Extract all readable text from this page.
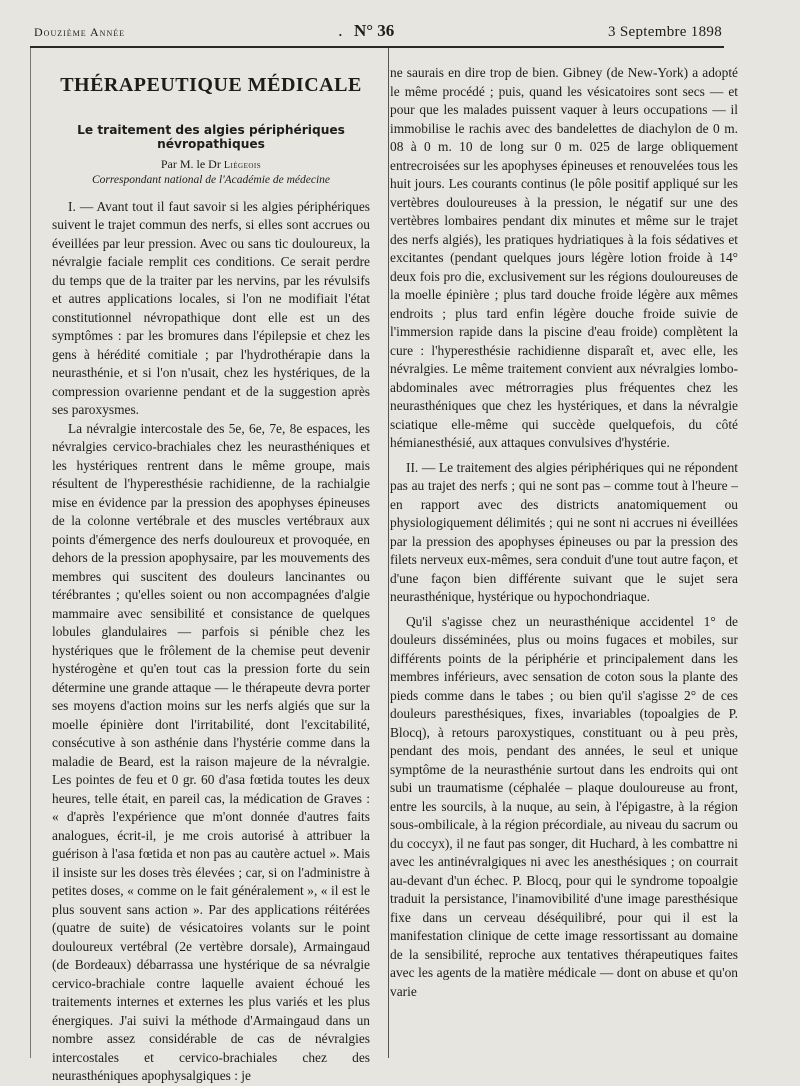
Douzième Année	. N° 36	3 Septembre 1898
THÉRAPEUTIQUE MÉDICALE
Le traitement des algies périphériques névropathiques

Par M. le Dr Liégeois

Correspondant national de l'Académie de médecine

I. — Avant tout il faut savoir si les algies périphériques suivent le trajet commun des nerfs, si elles sont accrues ou éveillées par leur pression. Avec ou sans tic douloureux, la névralgie faciale remplit ces conditions. Ce serait perdre du temps que de la traiter par les nervins, par les révulsifs et autres applications locales, si l'on ne modifiait l'état constitutionnel névropathique dont elle est un des symptômes : par les bromures dans l'épilepsie et chez les gens à hérédité comitiale ; par l'hydrothérapie dans la neurasthénie, et si l'on n'usait, chez les hystériques, de la compression ovarienne pendant et de la suggestion après ses paroxysmes.

La névralgie intercostale des 5e, 6e, 7e, 8e espaces, les névralgies cervico-brachiales chez les neurasthéniques et les hystériques rentrent dans le même groupe, mais résultent de l'hyperesthésie rachidienne, de la rachialgie mise en évidence par la pression des apophyses épineuses de la colonne vertébrale et des muscles vertébraux aux points d'émergence des nerfs douloureux et provoquée, en dehors de la pression apophysaire, par les mouvements des membres qui suscitent des douleurs lancinantes ou térébrantes ; qu'elles soient ou non accompagnées d'algie mammaire avec sensibilité et consistance de quelques lobules glandulaires — parfois si pénible chez les hystériques que le frôlement de la chemise peut devenir hystérogène et qu'en tout cas la pression forte du sein détermine une grande attaque — le thérapeute devra porter ses moyens d'action moins sur les nerfs algiés que sur la moelle épinière dont l'irritabilité, dont l'excitabilité, consécutive à son asthénie dans l'hystérie comme dans la maladie de Beard, est la raison majeure de la névralgie. Les pointes de feu et 0 gr. 60 d'asa fœtida toutes les deux heures, telle était, en pareil cas, la médication de Graves : « d'après l'expérience que m'ont donnée d'autres faits analogues, écrit-il, je me crois autorisé à attribuer la guérison à l'asa fœtida et non pas au cautère actuel ». Mais il insiste sur les doses très élevées ; car, si on l'administre à petites doses, « comme on le fait généralement », « il est le plus souvent sans action ». Par des applications réitérées (quatre de suite) de vésicatoires volants sur le point douloureux vertébral (2e vertèbre dorsale), Armaingaud (de Bordeaux) débarrassa une hystérique de sa névralgie cervico-brachiale contre laquelle avaient échoué les traitements internes et externes les plus variés et les plus énergiques. J'ai suivi la méthode d'Armaingaud dans un nombre assez considérable de cas de névralgies intercostales et cervico-brachiales chez des neurasthéniques apophysalgiques : je

ne saurais en dire trop de bien. Gibney (de New-York) a adopté le même procédé ; puis, quand les vésicatoires sont secs — et pour que les malades puissent vaquer à leurs occupations — il immobilise le rachis avec des bandelettes de diachylon de 0 m. 08 à 0 m. 10 de long sur 0 m. 025 de large obliquement entrecroisées sur les apophyses épineuses et renouvelées tous les huit jours. Les courants continus (le pôle positif appliqué sur les vertèbres douloureuses à la pression, le négatif sur une des vertèbres lombaires pendant dix minutes et même sur le trajet des nerfs algiés), les pratiques hydriatiques à la fois sédatives et excitantes (pendant quelques jours légère lotion froide à 14° deux fois pro die, exclusivement sur les régions douloureuses de la moelle épinière ; plus tard douche froide légère aux mêmes endroits ; plus tard enfin légère douche froide suivie de l'immersion rapide dans la piscine d'eau froide) complètent la cure : l'hyperesthésie rachidienne disparaît et, avec elle, les névralgies. Le même traitement convient aux névralgies lombo-abdominales avec métrorragies plus fréquentes chez les neurasthéniques que chez les hystériques, et dans la névralgie sciatique elle-même qui succède quelquefois, du côté hémianesthésié, aux attaques convulsives d'hystérie.

II. — Le traitement des algies périphériques qui ne répondent pas au trajet des nerfs ; qui ne sont pas – comme tout à l'heure – en rapport avec des districts anatomiquement ou physiologiquement délimités ; qui ne sont ni accrues ni éveillées par la pression des apophyses épineuses ou par la pression des filets nerveux eux-mêmes, sera conduit d'une tout autre façon, et d'une façon bien différente suivant que le sujet sera neurasthénique, hystérique ou hypochondriaque.

Qu'il s'agisse chez un neurasthénique accidentel 1° de douleurs disséminées, plus ou moins fugaces et mobiles, sur différents points de la périphérie et principalement dans les membres inférieurs, avec sensation de coton sous la plante des pieds comme dans le tabes ; ou bien qu'il s'agisse 2° de ces douleurs paresthésiques, fixes, invariables (topoalgies de P. Blocq), à retours paroxystiques, constituant ou à peu près, pendant des mois, pendant des années, le seul et unique symptôme de la neurasthénie surtout dans les endroits qui ont subi un traumatisme (céphalée – plaque douloureuse au front, entre les sourcils, à la nuque, au sein, à l'épigastre, à la région sous-ombilicale, à la région précordiale, au niveau du sacrum ou du coccyx), il ne faut pas songer, dit Huchard, à les combattre ni avec les antinévralgiques ni avec les anesthésiques ; on courrait au-devant d'un échec. P. Blocq, pour qui le syndrome topoalgie traduit la persistance, l'inamovibilité d'une image paresthésique fixe dans un cerveau déséquilibré, pour qui il est la manifestation clinique de cette image ressortissant au domaine de la sensibilité, reproche aux tentatives thérapeutiques faites avec les agents de la matière médicale — dont on abuse et qu'on varie
